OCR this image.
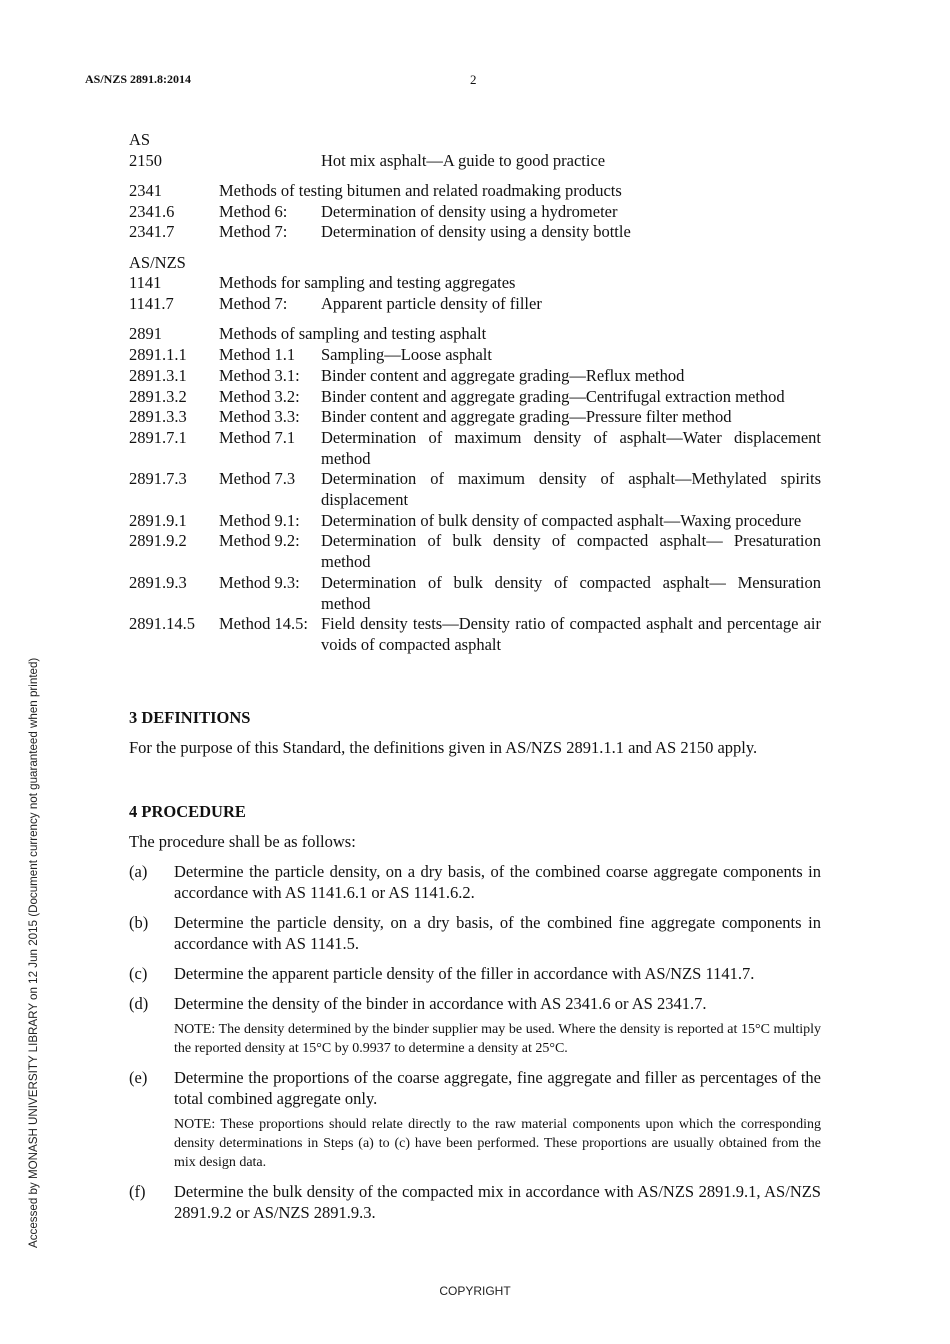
AS/NZS 2891.8:2014	2
AS
2150	Hot mix asphalt—A guide to good practice
2341	Methods of testing bitumen and related roadmaking products
2341.6	Method 6:	Determination of density using a hydrometer
2341.7	Method 7:	Determination of density using a density bottle
AS/NZS
1141	Methods for sampling and testing aggregates
1141.7	Method 7:	Apparent particle density of filler
2891	Methods of sampling and testing asphalt
2891.1.1	Method 1.1	Sampling—Loose asphalt
2891.3.1	Method 3.1:	Binder content and aggregate grading—Reflux method
2891.3.2	Method 3.2:	Binder content and aggregate grading—Centrifugal extraction method
2891.3.3	Method 3.3:	Binder content and aggregate grading—Pressure filter method
2891.7.1	Method 7.1	Determination of maximum density of asphalt—Water displacement method
2891.7.3	Method 7.3	Determination of maximum density of asphalt—Methylated spirits displacement
2891.9.1	Method 9.1:	Determination of bulk density of compacted asphalt—Waxing procedure
2891.9.2	Method 9.2:	Determination of bulk density of compacted asphalt— Presaturation method
2891.9.3	Method 9.3:	Determination of bulk density of compacted asphalt— Mensuration method
2891.14.5	Method 14.5: Field density tests—Density ratio of compacted asphalt and percentage air voids of compacted asphalt
3 DEFINITIONS
For the purpose of this Standard, the definitions given in AS/NZS 2891.1.1 and AS 2150 apply.
4 PROCEDURE
The procedure shall be as follows:
(a)	Determine the particle density, on a dry basis, of the combined coarse aggregate components in accordance with AS 1141.6.1 or AS 1141.6.2.
(b)	Determine the particle density, on a dry basis, of the combined fine aggregate components in accordance with AS 1141.5.
(c)	Determine the apparent particle density of the filler in accordance with AS/NZS 1141.7.
(d)	Determine the density of the binder in accordance with AS 2341.6 or AS 2341.7.
NOTE: The density determined by the binder supplier may be used. Where the density is reported at 15°C multiply the reported density at 15°C by 0.9937 to determine a density at 25°C.
(e)	Determine the proportions of the coarse aggregate, fine aggregate and filler as percentages of the total combined aggregate only.
NOTE: These proportions should relate directly to the raw material components upon which the corresponding density determinations in Steps (a) to (c) have been performed. These proportions are usually obtained from the mix design data.
(f)	Determine the bulk density of the compacted mix in accordance with AS/NZS 2891.9.1, AS/NZS 2891.9.2 or AS/NZS 2891.9.3.
Accessed by MONASH UNIVERSITY LIBRARY on 12 Jun 2015 (Document currency not guaranteed when printed)
COPYRIGHT
